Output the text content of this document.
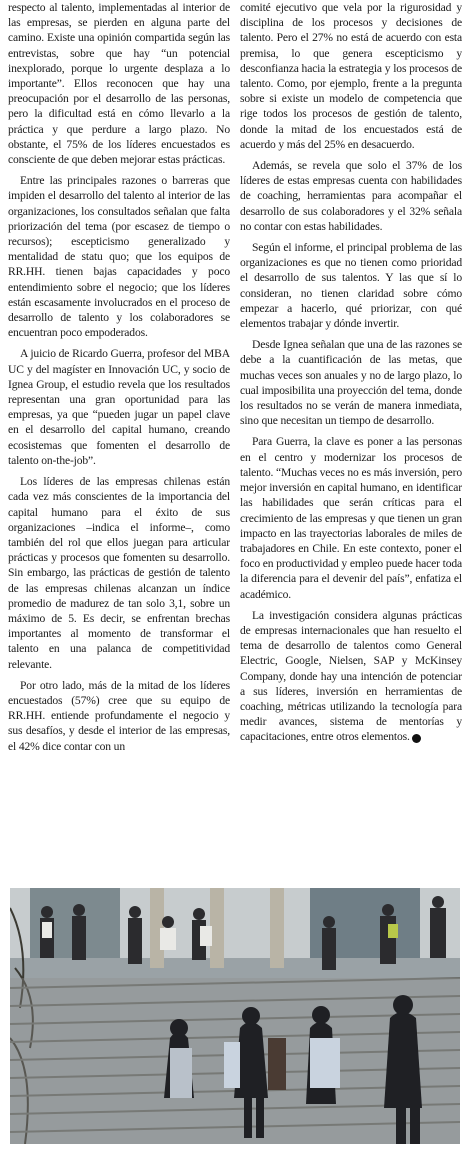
respecto al talento, implementadas al interior de las empresas, se pierden en alguna parte del camino. Existe una opinión compartida según las entrevistas, sobre que hay “un potencial inexplorado, porque lo urgente desplaza a lo importante”. Ellos reconocen que hay una preocupación por el desarrollo de las personas, pero la dificultad está en cómo llevarlo a la práctica y que perdure a largo plazo. No obstante, el 75% de los líderes encuestados es consciente de que deben mejorar estas prácticas.

Entre las principales razones o barreras que impiden el desarrollo del talento al interior de las organizaciones, los consultados señalan que falta priorización del tema (por escasez de tiempo o recursos); escepticismo generalizado y mentalidad de statu quo; que los equipos de RR.HH. tienen bajas capacidades y poco entendimiento sobre el negocio; que los líderes están escasamente involucrados en el proceso de desarrollo de talento y los colaboradores se encuentran poco empoderados.

A juicio de Ricardo Guerra, profesor del MBA UC y del magíster en Innovación UC, y socio de Ignea Group, el estudio revela que los resultados representan una gran oportunidad para las empresas, ya que “pueden jugar un papel clave en el desarrollo del capital humano, creando ecosistemas que fomenten el desarrollo de talento on-the-job”.

Los líderes de las empresas chilenas están cada vez más conscientes de la importancia del capital humano para el éxito de sus organizaciones –indica el informe–, como también del rol que ellos juegan para articular prácticas y procesos que fomenten su desarrollo. Sin embargo, las prácticas de gestión de talento de las empresas chilenas alcanzan un índice promedio de madurez de tan solo 3,1, sobre un máximo de 5. Es decir, se enfrentan brechas importantes al momento de transformar el talento en una palanca de competitividad relevante.

Por otro lado, más de la mitad de los líderes encuestados (57%) cree que su equipo de RR.HH. entiende profundamente el negocio y sus desafíos, y desde el interior de las empresas, el 42% dice contar con un

comité ejecutivo que vela por la rigurosidad y disciplina de los procesos y decisiones de talento. Pero el 27% no está de acuerdo con esta premisa, lo que genera escepticismo y desconfianza hacia la estrategia y los procesos de talento. Como, por ejemplo, frente a la pregunta sobre si existe un modelo de competencia que rige todos los procesos de gestión de talento, donde la mitad de los encuestados está de acuerdo y más del 25% en desacuerdo.

Además, se revela que solo el 37% de los líderes de estas empresas cuenta con habilidades de coaching, herramientas para acompañar el desarrollo de sus colaboradores y el 32% señala no contar con estas habilidades.

Según el informe, el principal problema de las organizaciones es que no tienen como prioridad el desarrollo de sus talentos. Y las que sí lo consideran, no tienen claridad sobre cómo empezar a hacerlo, qué priorizar, con qué elementos trabajar y dónde invertir.

Desde Ignea señalan que una de las razones se debe a la cuantificación de las metas, que muchas veces son anuales y no de largo plazo, lo cual imposibilita una proyección del tema, donde los resultados no se verán de manera inmediata, sino que necesitan un tiempo de desarrollo.

Para Guerra, la clave es poner a las personas en el centro y modernizar los procesos de talento. “Muchas veces no es más inversión, pero mejor inversión en capital humano, en identificar las habilidades que serán críticas para el crecimiento de las empresas y que tienen un gran impacto en las trayectorias laborales de miles de trabajadores en Chile. En este contexto, poner el foco en productividad y empleo puede hacer toda la diferencia para el devenir del país”, enfatiza el académico.

La investigación considera algunas prácticas de empresas internacionales que han resuelto el tema de desarrollo de talentos como General Electric, Google, Nielsen, SAP y McKinsey Company, donde hay una intención de potenciar a sus líderes, inversión en herramientas de coaching, métricas utilizando la tecnología para medir avances, sistema de mentorías y capacitaciones, entre otros elementos. P
